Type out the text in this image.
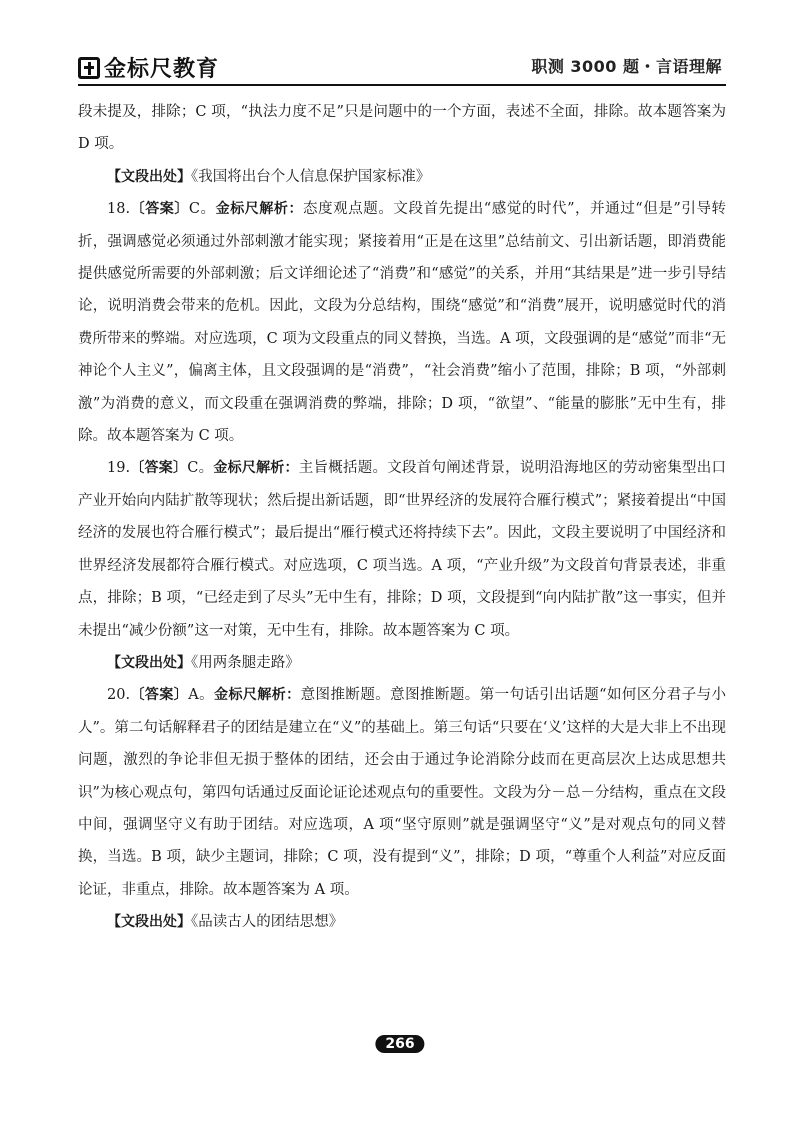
金标尺教育	职测 3000 题・言语理解

段未提及，排除；C 项，“执法力度不足”只是问题中的一个方面，表述不全面，排除。故本题答案为 D 项。

【文段出处】《我国将出台个人信息保护国家标准》

18.〔答案〕C。金标尺解析：态度观点题。文段首先提出“感觉的时代”，并通过“但是”引导转折，强调感觉必须通过外部刺激才能实现；紧接着用“正是在这里”总结前文、引出新话题，即消费能提供感觉所需要的外部刺激；后文详细论述了“消费”和“感觉”的关系，并用“其结果是”进一步引导结论，说明消费会带来的危机。因此，文段为分总结构，围绕“感觉”和“消费”展开，说明感觉时代的消费所带来的弊端。对应选项，C 项为文段重点的同义替换，当选。A 项，文段强调的是“感觉”而非“无神论个人主义”，偏离主体，且文段强调的是“消费”，“社会消费”缩小了范围，排除；B 项，“外部刺激”为消费的意义，而文段重在强调消费的弊端，排除；D 项，“欲望”、“能量的膨胀”无中生有，排除。故本题答案为 C 项。

19.〔答案〕C。金标尺解析：主旨概括题。文段首句阐述背景，说明沿海地区的劳动密集型出口产业开始向内陆扩散等现状；然后提出新话题，即“世界经济的发展符合雁行模式”；紧接着提出“中国经济的发展也符合雁行模式”；最后提出“雁行模式还将持续下去”。因此，文段主要说明了中国经济和世界经济发展都符合雁行模式。对应选项，C 项当选。A 项，“产业升级”为文段首句背景表述，非重点，排除；B 项，“已经走到了尽头”无中生有，排除；D 项，文段提到“向内陆扩散”这一事实，但并未提出“减少份额”这一对策，无中生有，排除。故本题答案为 C 项。

【文段出处】《用两条腿走路》

20.〔答案〕A。金标尺解析：意图推断题。意图推断题。第一句话引出话题“如何区分君子与小人”。第二句话解释君子的团结是建立在“义”的基础上。第三句话“只要在‘义’这样的大是大非上不出现问题，激烈的争论非但无损于整体的团结，还会由于通过争论消除分歧而在更高层次上达成思想共识”为核心观点句，第四句话通过反面论证论述观点句的重要性。文段为分－总－分结构，重点在文段中间，强调坚守义有助于团结。对应选项，A 项“坚守原则”就是强调坚守“义”是对观点句的同义替换，当选。B 项，缺少主题词，排除；C 项，没有提到“义”，排除；D 项，“尊重个人利益”对应反面论证，非重点，排除。故本题答案为 A 项。

【文段出处】《品读古人的团结思想》

266
